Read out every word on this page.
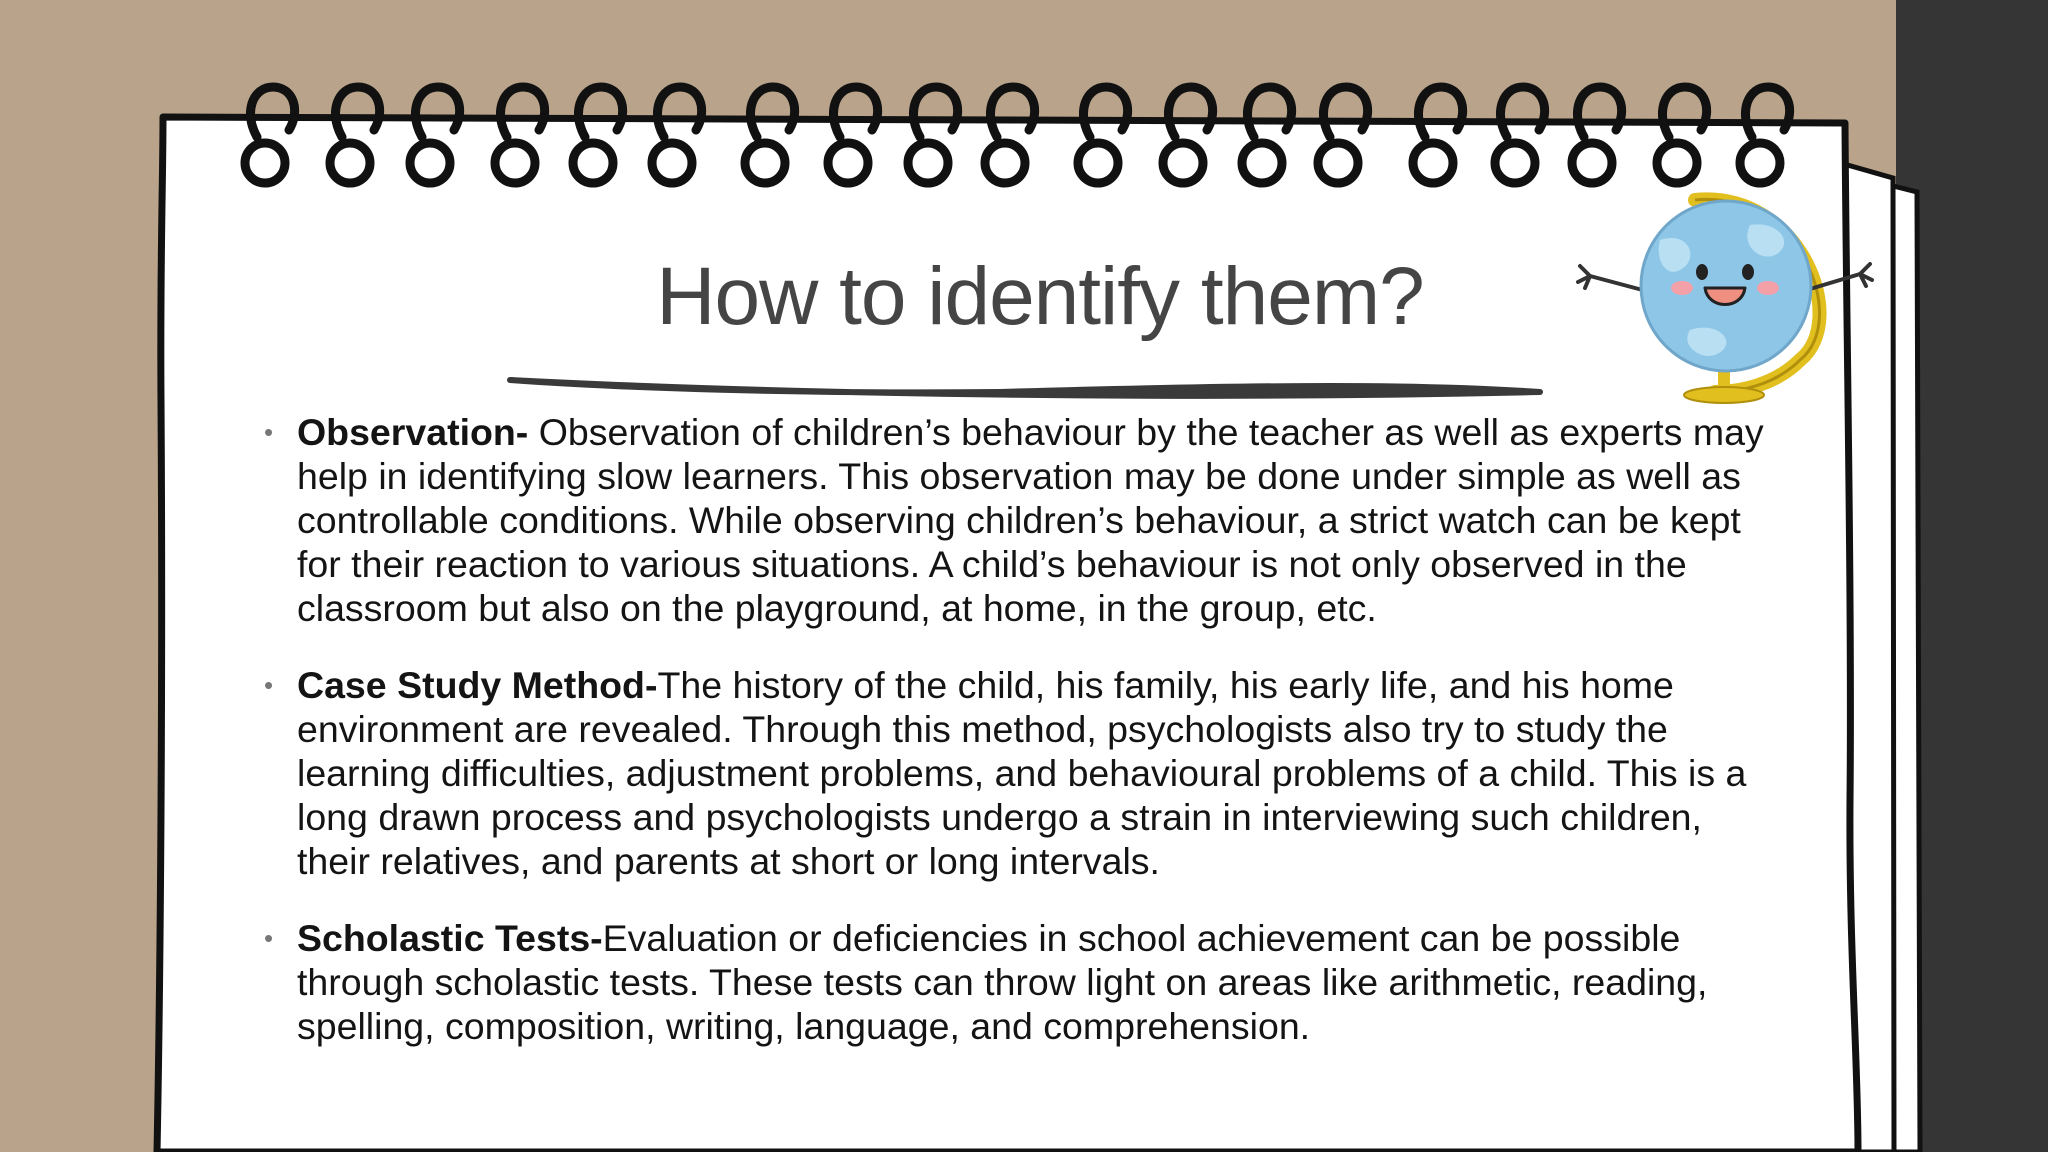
How to identify them?
• Observation- Observation of children’s behaviour by the teacher as well as experts may help in identifying slow learners. This observation may be done under simple as well as controllable conditions. While observing children’s behaviour, a strict watch can be kept for their reaction to various situations. A child’s behaviour is not only observed in the classroom but also on the playground, at home, in the group, etc.
• Case Study Method-The history of the child, his family, his early life, and his home environment are revealed. Through this method, psychologists also try to study the learning difficulties, adjustment problems, and behavioural problems of a child. This is a long drawn process and psychologists undergo a strain in interviewing such children, their relatives, and parents at short or long intervals.
• Scholastic Tests-Evaluation or deficiencies in school achievement can be possible through scholastic tests. These tests can throw light on areas like arithmetic, reading, spelling, composition, writing, language, and comprehension.
